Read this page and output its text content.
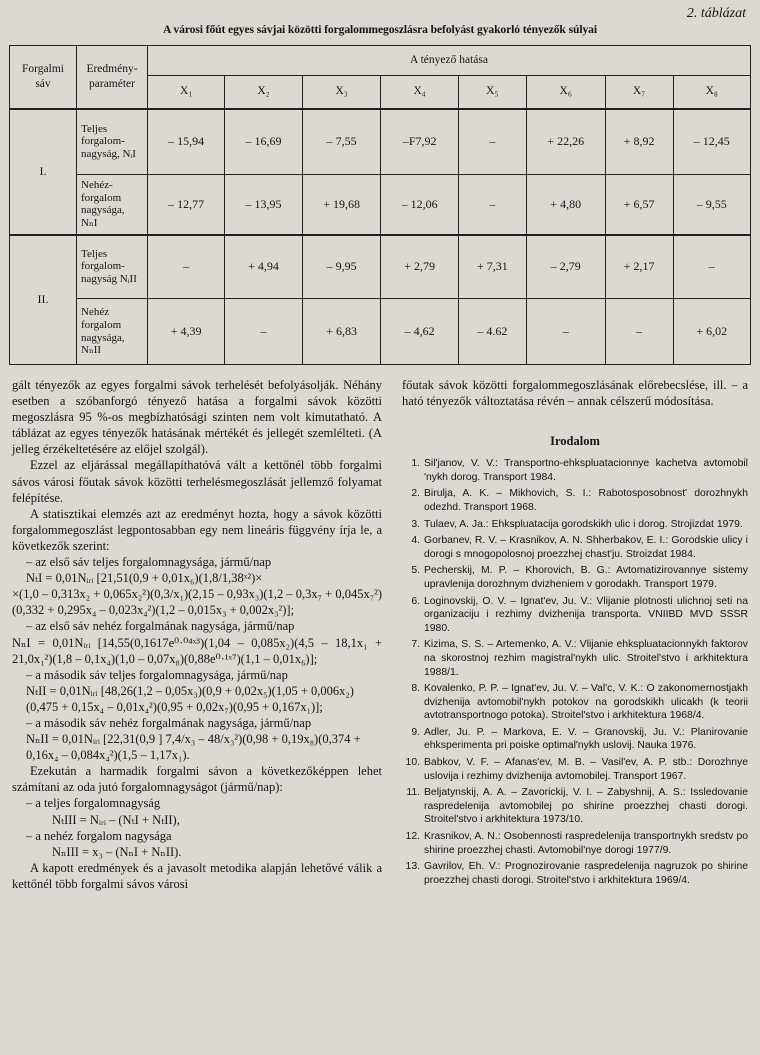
2. táblázat
A városi főút egyes sávjai közötti forgalommegoszlásra befolyást gyakorló tényezők súlyai
Forgalmi sáv	Eredmény-paraméter	A tényező hatása							
		X₁	X₂	X₃	X₄	X₅	X₆	X₇	X₈
I.	Teljes forgalom-nagyság, NᵢI	– 15,94	– 16,69	– 7,55	–F7,92	–	+ 22,26	+ 8,92	– 12,45
	Nehéz-forgalom nagysága, NₙI	– 12,77	– 13,95	+ 19,68	– 12,06	–	+ 4,80	+ 6,57	– 9,55
II.	Teljes forgalom-nagyság NᵢII	–	+ 4,94	– 9,95	+ 2,79	+ 7,31	– 2,79	+ 2,17	–
	Nehéz forgalom nagysága, NₙII	+ 4,39	–	+ 6,83	– 4,62	– 4.62	–	–	+ 6,02

gált tényezők az egyes forgalmi sávok terhelését befolyásolják. Néhány esetben a szóbanforgó tényező hatása a forgalmi sávok közötti megoszlásra 95 %-os megbízhatósági szinten nem volt kimutatható. A táblázat az egyes tényezők hatásának mértékét és jellegét szemlélteti. (A jelleg érzékeltetésére az előjel szolgál).

Ezzel az eljárással megállapíthatóvá vált a kettőnél több forgalmi sávos városi főutak sávok közötti terhelésmegoszlását jellemző folyamat felépítése.

A statisztikai elemzés azt az eredményt hozta, hogy a sávok közötti forgalommegoszlást legpontosabban egy nem lineáris függvény írja le, a következők szerint:

– az első sáv teljes forgalomnagysága, jármű/nap

NₜI = 0,01Nᵢᵣᵢ [21,51(0,9 + 0,01x₆)(1,8/1,38ˣ²)×

×(1,0 – 0,313x₂ + 0,065x₂²)(0,3/x₁)(2,15 – 0,93x₃)(1,2 – 0,3x₇ + 0,045x₇²)(0,332 + 0,295x₄ – 0,023x₄²)(1,2 – 0,015x₃ + 0,002x₃²)];

– az első sáv nehéz forgalmának nagysága, jármű/nap

NₙI = 0,01Nᵢᵣᵢ [14,55(0,1617e⁰·⁰⁴ˣ³)(1,04 – 0,085x₂)(4,5 – 18,1x₁ + 21,0x₁²)(1,8 – 0,1x₄)(1,0 – 0,07x₈)(0,88e⁰·¹ˣ⁷)(1,1 – 0,01x₆)];

– a második sáv teljes forgalomnagysága, jármű/nap

NₜII = 0,01Nᵢᵣᵢ [48,26(1,2 – 0,05x₃)(0,9 + 0,02x₅)(1,05 + 0,006x₂)(0,475 + 0,15x₄ – 0,01x₄²)(0,95 + 0,02x₇)(0,95 + 0,167x₁)];

– a második sáv nehéz forgalmának nagysága, jármű/nap

NₙII = 0,01Nᵢᵣᵢ [22,31(0,9 ] 7,4/x₃ – 48/x₃²)(0,98 + 0,19x₈)(0,374 + 0,16x₄ – 0,084x₄²)(1,5 – 1,17x₁).

Ezekután a harmadik forgalmi sávon a következőképpen lehet számítani az oda jutó forgalomnagyságot (jármű/nap):

– a teljes forgalomnagyság

NₜIII = Nᵢᵣᵢ – (NₜI + NₜII),

– a nehéz forgalom nagysága

NₙIII = x₃ – (NₙI + NₙII).

A kapott eredmények és a javasolt metodika alapján lehetővé válik a kettőnél több forgalmi sávos városi

főutak sávok közötti forgalommegoszlásának előrebecslése, ill. – a ható tényezők változtatása révén – annak célszerű módosítása.

Irodalom
1. Sil'janov, V. V.: Transportno-ehkspluatacionnye kachetva avtomobil 'nykh dorog. Transport 1984.
2. Birulja, A. K. – Mikhovich, S. I.: Rabotosposobnost' dorozhnykh odezhd. Transport 1968.
3. Tulaev, A. Ja.: Ehkspluatacija gorodskikh ulic i dorog. Strojizdat 1979.
4. Gorbanev, R. V. – Krasnikov, A. N. Shherbakov, E. I.: Gorodskie ulicy i dorogi s mnogopolosnoj proezzhej chast'ju. Stroizdat 1984.
5. Pecherskij, M. P. – Khorovich, B. G.: Avtomatizirovannye sistemy upravlenija dorozhnym dvizheniem v gorodakh. Transport 1979.
6. Loginovskij, O. V. – Ignat'ev, Ju. V.: Vlijanie plotnosti ulichnoj seti na organizaciju i rezhimy dvizhenija transporta. VNIIBD MVD SSSR 1980.
7. Kizima, S. S. – Artemenko, A. V.: Vlijanie ehkspluatacionnykh faktorov na skorostnoj rezhim magistral'nykh ulic. Stroitel'stvo i arkhitektura 1988/1.
8. Kovalenko, P. P. – Ignat'ev, Ju. V. – Val'c, V. K.: O zakonomernostjakh dvizhenija avtomobil'nykh potokov na gorodskikh ulicakh (k teorii avtotransportnogo potoka). Stroitel'stvo i arkhitektura 1968/4.
9. Adler, Ju. P. – Markova, E. V. – Granovskij, Ju. V.: Planirovanie ehksperimenta pri poiske optimal'nykh uslovij. Nauka 1976.
10. Babkov, V. F. – Afanas'ev, M. B. – Vasil'ev, A. P. stb.: Dorozhnye uslovija i rezhimy dvizhenija avtomobilej. Transport 1967.
11. Beljatynskij, A. A. – Zavorickij, V. I. – Zabyshnij, A. S.: Issledovanie raspredelenija avtomobilej po shirine proezzhej chasti dorogi. Stroitel'stvo i arkhitektura 1973/10.
12. Krasnikov, A. N.: Osobennosti raspredelenija transportnykh sredstv po shirine proezzhej chasti. Avtomobil'nye dorogi 1977/9.
13. Gavrilov, Eh. V.: Prognozirovanie raspredelenija nagruzok po shirine proezzhej chasti dorogi. Stroitel'stvo i arkhitektura 1969/4.
